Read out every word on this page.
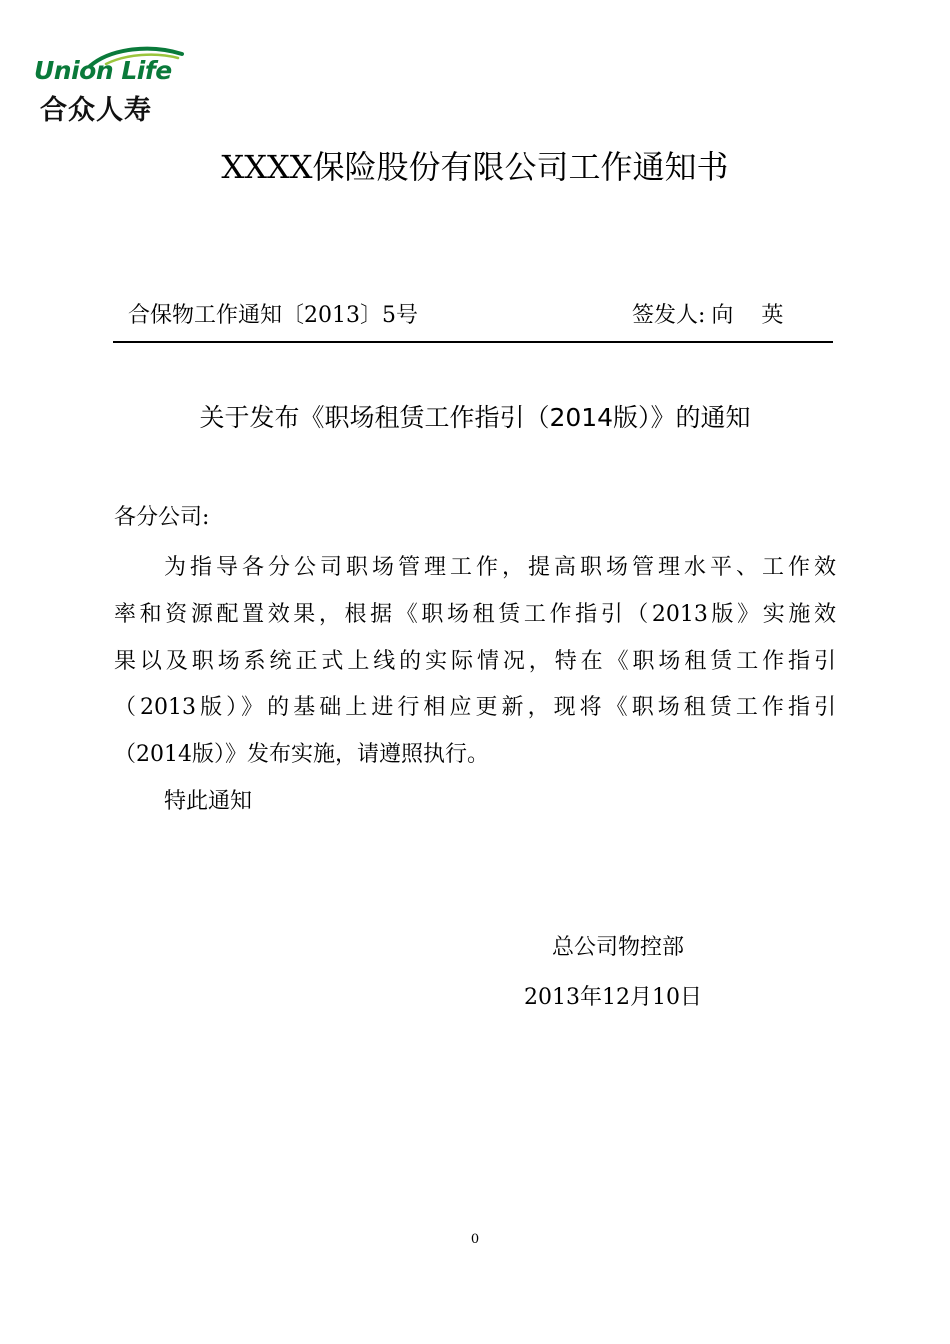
Union Life
合众人寿
XXXX保险股份有限公司工作通知书
合保物工作通知〔2013〕5号	签发人: 向英
关于发布《职场租赁工作指引（2014版）》的通知
各分公司:
为指导各分公司职场管理工作，提高职场管理水平、工作效
率和资源配置效果，根据《职场租赁工作指引（2013版》实施效
果以及职场系统正式上线的实际情况，特在《职场租赁工作指引
（2013版）》的基础上进行相应更新，现将《职场租赁工作指引
（2014版）》发布实施，请遵照执行。
特此通知
总公司物控部
2013年12月10日
0
